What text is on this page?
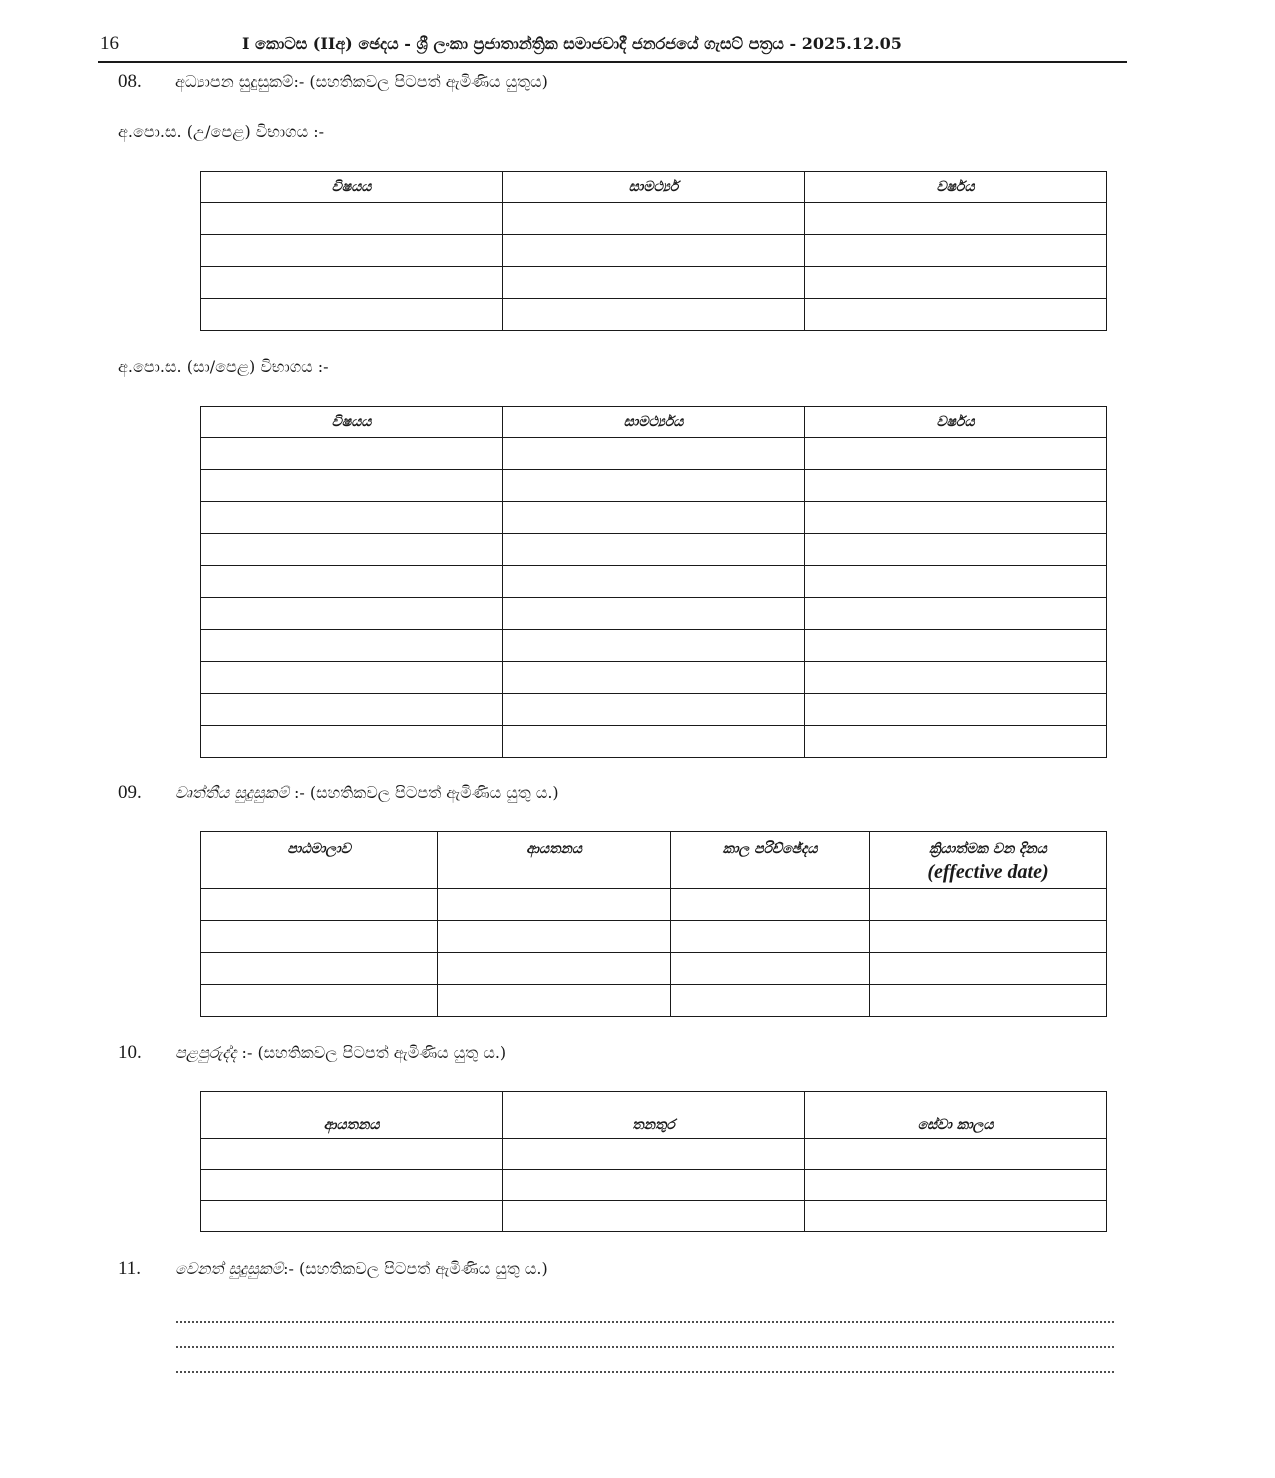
16	I කොටස (IIඅ) ඡෙදය - ශ්‍රී ලංකා ප්‍රජාතාන්ත්‍රික සමාජවාදී ජනරජයේ ගැසට් පත්‍රය - 2025.12.05
08. අධ්‍යාපන සුදුසුකම්:- (සහතිකවල පිටපත් ඇමිණිය යුතුය)
අ.පො.ස. (උ/පෙළ) විභාගය :-
විෂයය	සාමර්ථ්‍ය	වර්ෂය

අ.පො.ස. (සා/පෙළ) විභාගය :-
විෂයය	සාමර්ථ්‍යය	වර්ෂය

09. වෘත්තීය සුදුසුකම් :- (සහතිකවල පිටපත් ඇමිණිය යුතු ය.)
පාඨමාලාව	ආයතනය	කාල පරිච්ඡේදය	ක්‍රියාත්මක වන දිනය
(effective date)

10. පළපුරුද්ද :- (සහතිකවල පිටපත් ඇමිණිය යුතු ය.)
ආයතනය	තනතුර	සේවා කාලය

11. වෙනත් සුදුසුකම්:- (සහතිකවල පිටපත් ඇමිණිය යුතු ය.)
